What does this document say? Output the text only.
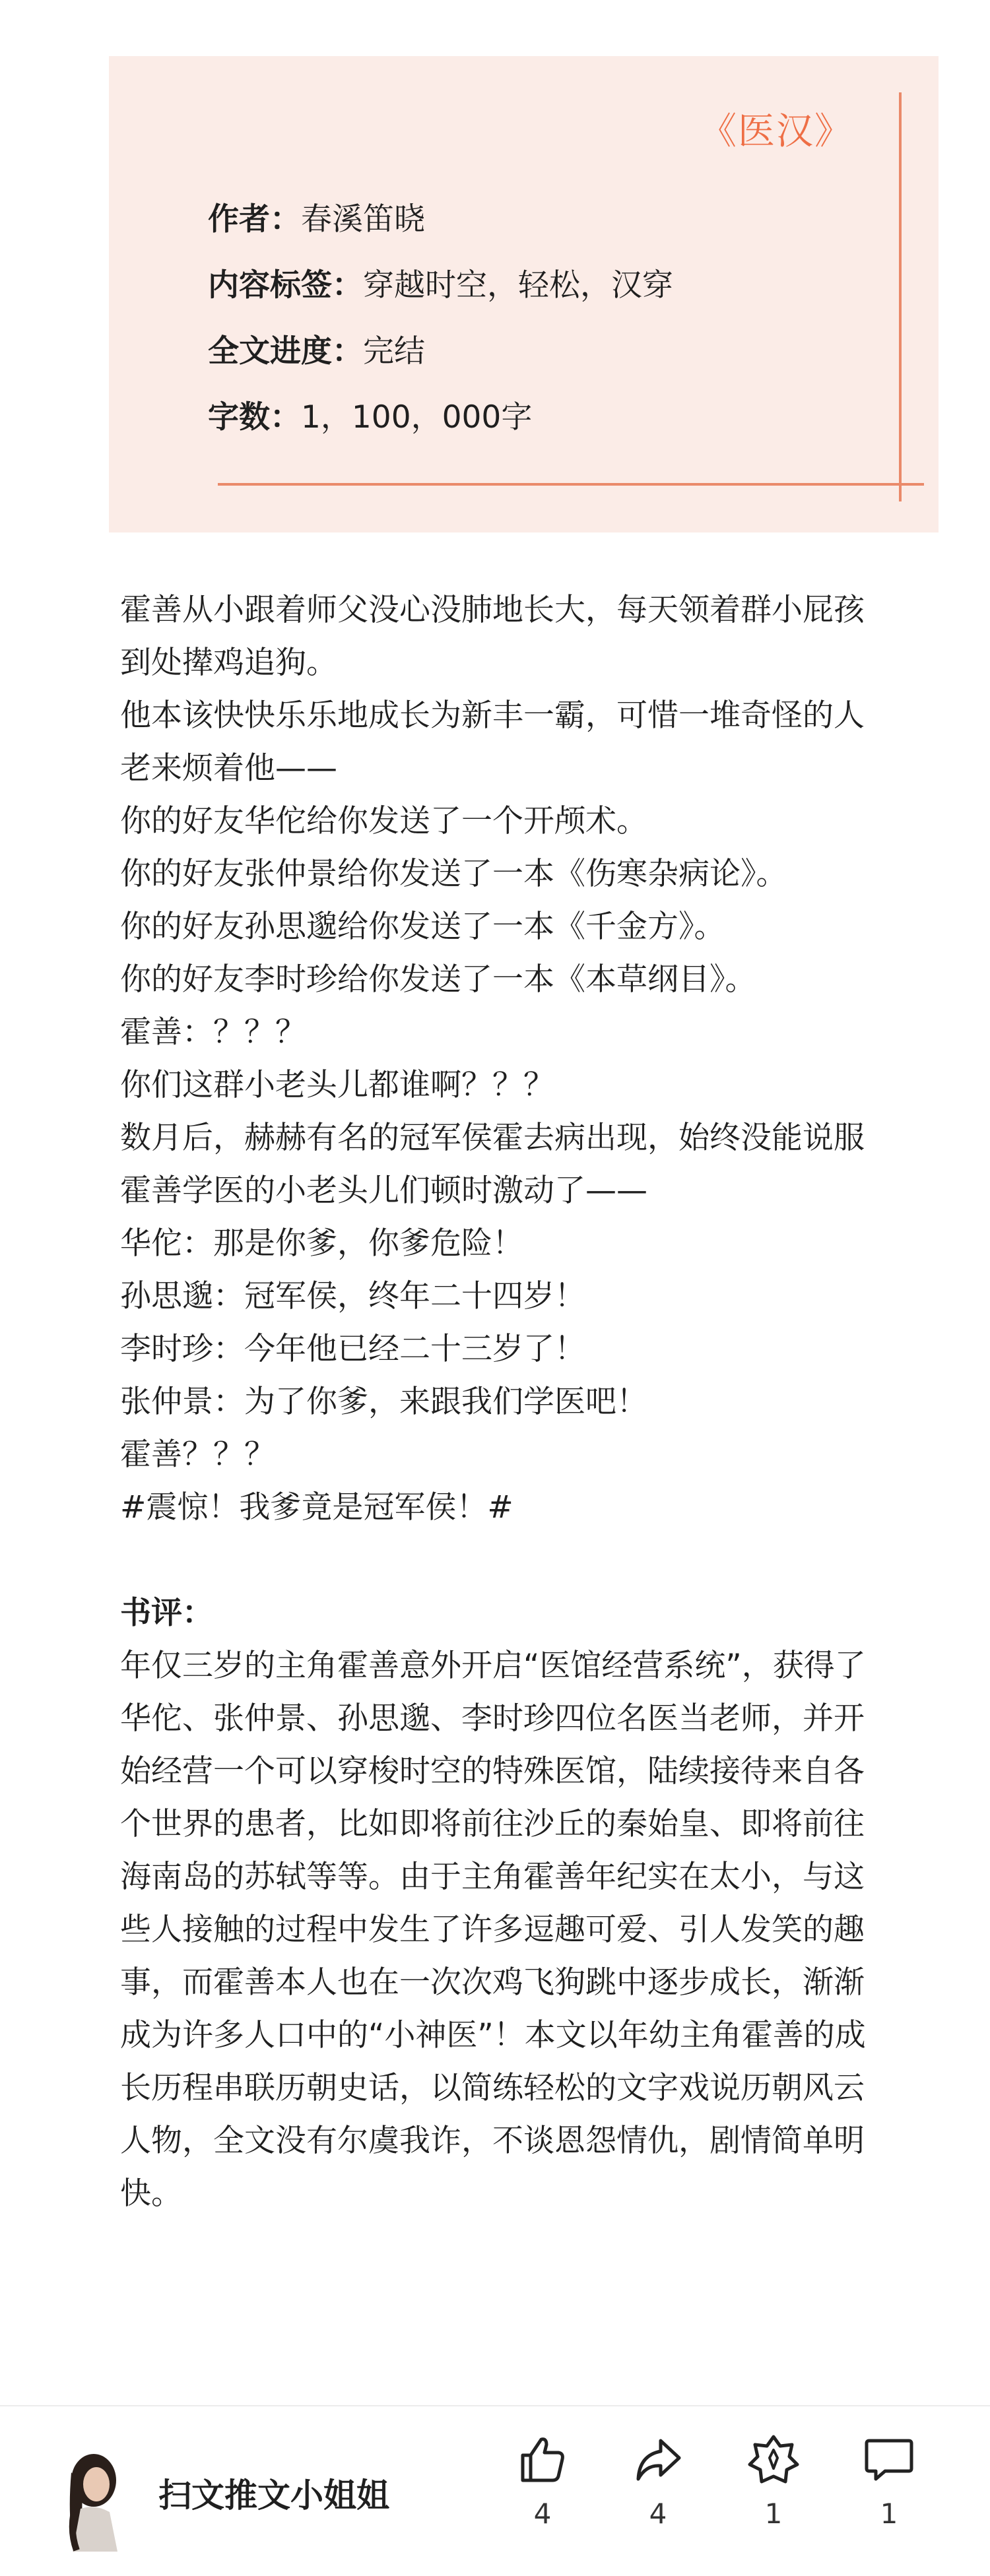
《医汉》
作者：春溪笛晓
内容标签：穿越时空，轻松，汉穿
全文进度：完结
字数：1，100，000字

霍善从小跟着师父没心没肺地长大，每天领着群小屁孩到处撵鸡追狗。

他本该快快乐乐地成长为新丰一霸，可惜一堆奇怪的人老来烦着他——

你的好友华佗给你发送了一个开颅术。

你的好友张仲景给你发送了一本《伤寒杂病论》。

你的好友孙思邈给你发送了一本《千金方》。

你的好友李时珍给你发送了一本《本草纲目》。

霍善：？？？

你们这群小老头儿都谁啊？？？

数月后，赫赫有名的冠军侯霍去病出现，始终没能说服霍善学医的小老头儿们顿时激动了——

华佗：那是你爹，你爹危险！

孙思邈：冠军侯，终年二十四岁！

李时珍：今年他已经二十三岁了！

张仲景：为了你爹，来跟我们学医吧！

霍善？？？

#震惊！我爹竟是冠军侯！#

书评：

年仅三岁的主角霍善意外开启“医馆经营系统”，获得了华佗、张仲景、孙思邈、李时珍四位名医当老师，并开始经营一个可以穿梭时空的特殊医馆，陆续接待来自各个世界的患者，比如即将前往沙丘的秦始皇、即将前往海南岛的苏轼等等。由于主角霍善年纪实在太小，与这些人接触的过程中发生了许多逗趣可爱、引人发笑的趣事，而霍善本人也在一次次鸡飞狗跳中逐步成长，渐渐成为许多人口中的“小神医”！本文以年幼主角霍善的成长历程串联历朝史话，以简练轻松的文字戏说历朝风云人物，全文没有尔虞我诈，不谈恩怨情仇，剧情简单明快。

扫文推文小姐姐	4	4	1	1
